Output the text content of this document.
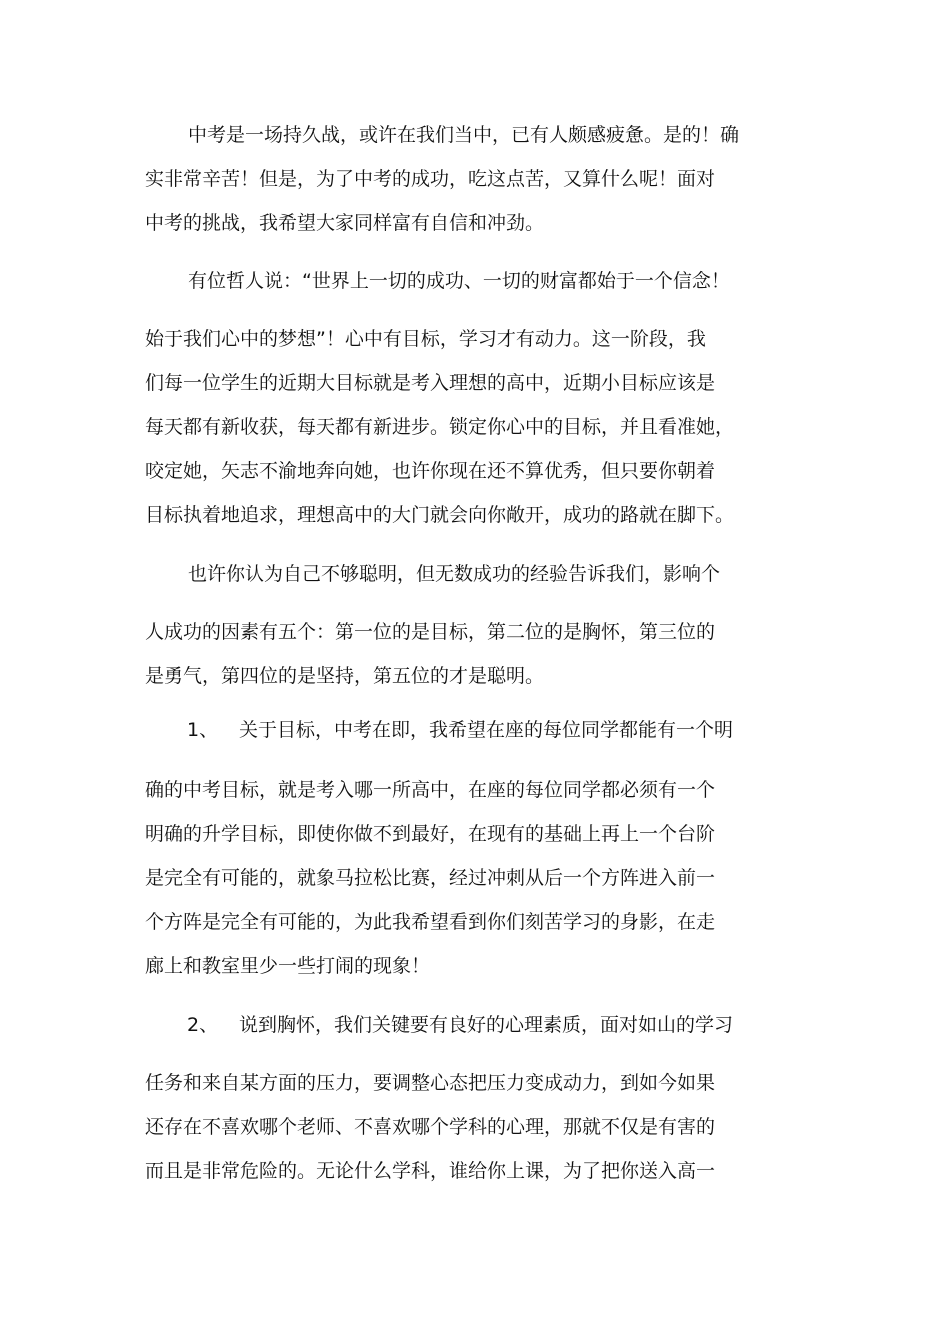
中考是一场持久战，或许在我们当中，已有人颇感疲惫。是的！确
实非常辛苦！但是，为了中考的成功，吃这点苦，又算什么呢！面对
中考的挑战，我希望大家同样富有自信和冲劲。
有位哲人说：“世界上一切的成功、一切的财富都始于一个信念！
始于我们心中的梦想”！心中有目标，学习才有动力。这一阶段，我
们每一位学生的近期大目标就是考入理想的高中，近期小目标应该是
每天都有新收获，每天都有新进步。锁定你心中的目标，并且看准她，
咬定她，矢志不渝地奔向她，也许你现在还不算优秀，但只要你朝着
目标执着地追求，理想高中的大门就会向你敞开，成功的路就在脚下。
也许你认为自己不够聪明，但无数成功的经验告诉我们，影响个
人成功的因素有五个：第一位的是目标，第二位的是胸怀，第三位的
是勇气，第四位的是坚持，第五位的才是聪明。
1、 关于目标，中考在即，我希望在座的每位同学都能有一个明
确的中考目标，就是考入哪一所高中，在座的每位同学都必须有一个
明确的升学目标，即使你做不到最好，在现有的基础上再上一个台阶
是完全有可能的，就象马拉松比赛，经过冲刺从后一个方阵进入前一
个方阵是完全有可能的，为此我希望看到你们刻苦学习的身影，在走
廊上和教室里少一些打闹的现象！
2、 说到胸怀，我们关键要有良好的心理素质，面对如山的学习
任务和来自某方面的压力，要调整心态把压力变成动力，到如今如果
还存在不喜欢哪个老师、不喜欢哪个学科的心理，那就不仅是有害的
而且是非常危险的。无论什么学科，谁给你上课，为了把你送入高一
